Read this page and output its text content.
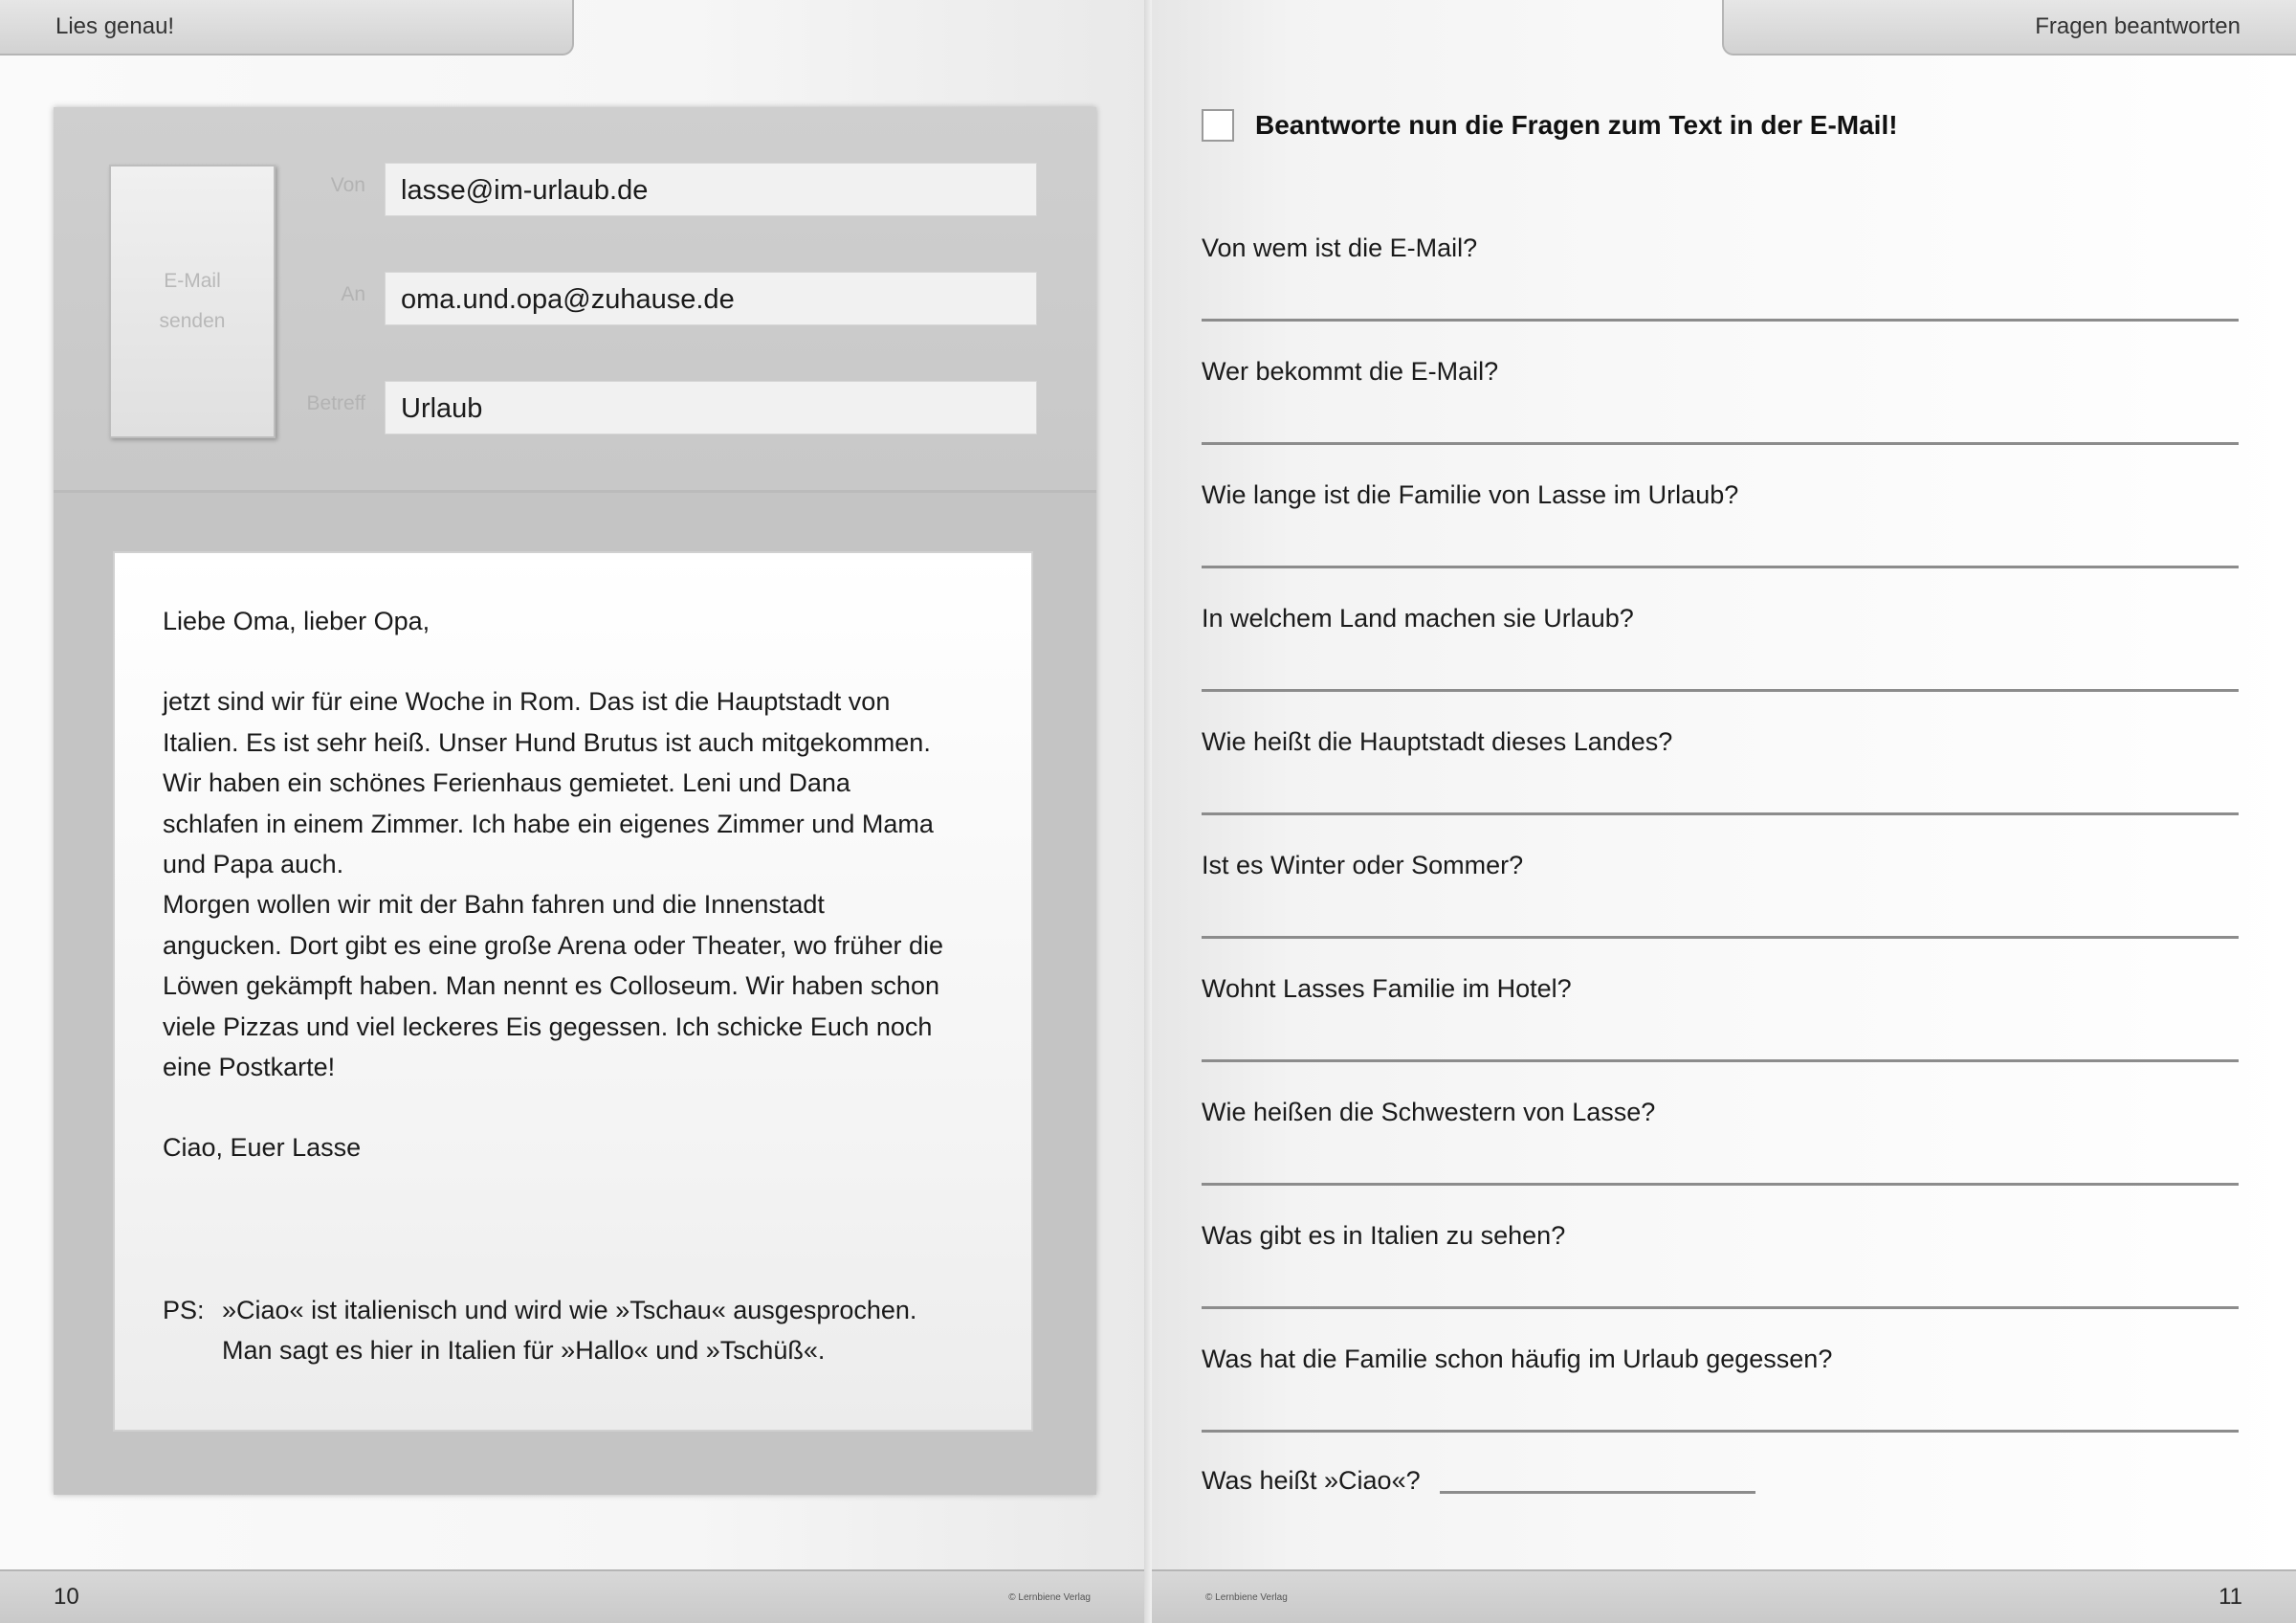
Lies genau!
E-Mail senden
Von	lasse@im-urlaub.de
An	oma.und.opa@zuhause.de
Betreff	Urlaub

Liebe Oma, lieber Opa,

jetzt sind wir für eine Woche in Rom. Das ist die Hauptstadt von
Italien. Es ist sehr heiß. Unser Hund Brutus ist auch mitgekommen.
Wir haben ein schönes Ferienhaus gemietet. Leni und Dana
schlafen in einem Zimmer. Ich habe ein eigenes Zimmer und Mama
und Papa auch.
Morgen wollen wir mit der Bahn fahren und die Innenstadt
angucken. Dort gibt es eine große Arena oder Theater, wo früher die
Löwen gekämpft haben. Man nennt es Colloseum. Wir haben schon
viele Pizzas und viel leckeres Eis gegessen. Ich schicke Euch noch
eine Postkarte!

Ciao, Euer Lasse

PS: »Ciao« ist italienisch und wird wie »Tschau« ausgesprochen.
Man sagt es hier in Italien für »Hallo« und »Tschüß«.

10	© Lernbiene Verlag
Fragen beantworten
Beantworte nun die Fragen zum Text in der E-Mail!
Von wem ist die E-Mail?
Wer bekommt die E-Mail?
Wie lange ist die Familie von Lasse im Urlaub?
In welchem Land machen sie Urlaub?
Wie heißt die Hauptstadt dieses Landes?
Ist es Winter oder Sommer?
Wohnt Lasses Familie im Hotel?
Wie heißen die Schwestern von Lasse?
Was gibt es in Italien zu sehen?
Was hat die Familie schon häufig im Urlaub gegessen?
Was heißt »Ciao«?
© Lernbiene Verlag	11
